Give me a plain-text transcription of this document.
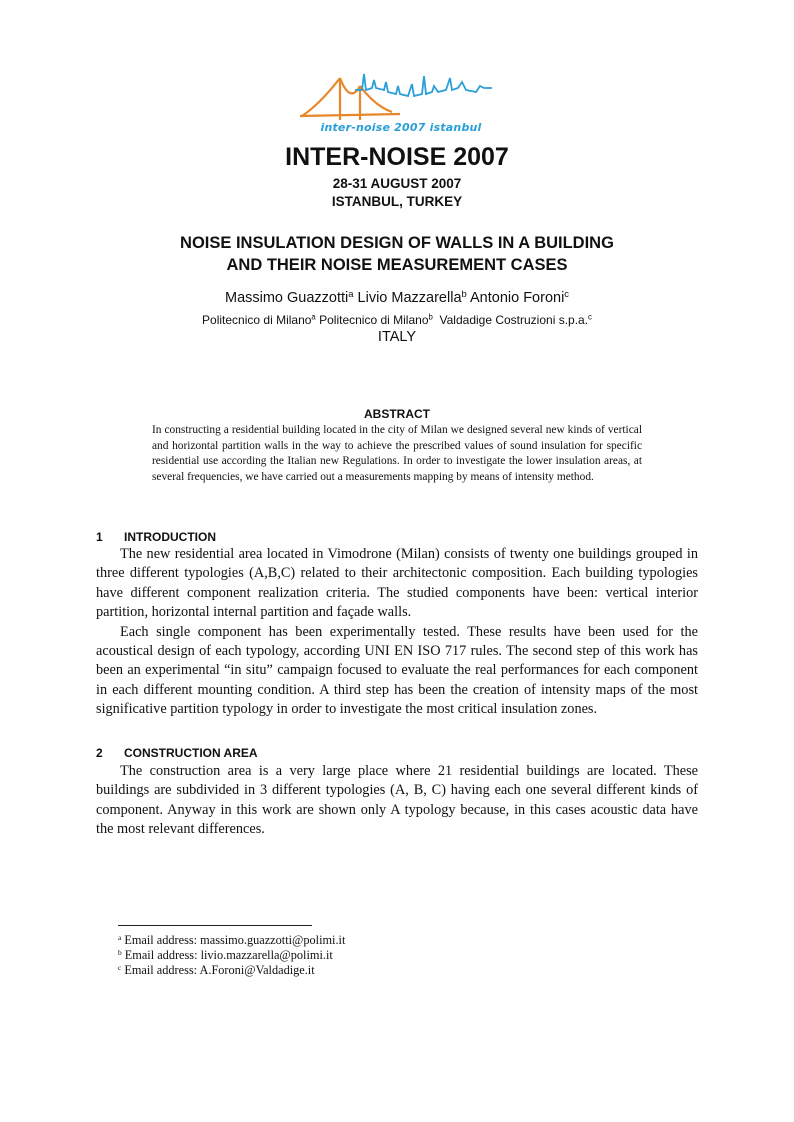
inter-noise 2007 istanbul
INTER-NOISE 2007
28-31 AUGUST 2007
ISTANBUL, TURKEY
NOISE INSULATION DESIGN OF WALLS IN A BUILDING
AND THEIR NOISE MEASUREMENT CASES
Massimo Guazzotti$^a$ Livio Mazzarella$^b$ Antonio Foroni$^c$
Politecnico di Milano$^a$ Politecnico di Milano$^b$ Valdadige Costruzioni s.p.a.$^c$
ITALY
ABSTRACT
In constructing a residential building located in the city of Milan we designed several new kinds of vertical and horizontal partition walls in the way to achieve the prescribed values of sound insulation for specific residential use according the Italian new Regulations. In order to investigate the lower insulation areas, at several frequencies, we have carried out a measurements mapping by means of intensity method.
1 INTRODUCTION

The new residential area located in Vimodrone (Milan) consists of twenty one buildings grouped in three different typologies (A,B,C) related to their architectonic composition. Each building typologies have different component realization criteria. The studied components have been: vertical interior partition, horizontal internal partition and façade walls.

Each single component has been experimentally tested. These results have been used for the acoustical design of each typology, according UNI EN ISO 717 rules. The second step of this work has been an experimental “in situ” campaign focused to evaluate the real performances for each component in each different mounting condition. A third step has been the creation of intensity maps of the most significative partition typology in order to investigate the most critical insulation zones.

2 CONSTRUCTION AREA

The construction area is a very large place where 21 residential buildings are located. These buildings are subdivided in 3 different typologies (A, B, C) having each one several different kinds of component. Anyway in this work are shown only A typology because, in this cases acoustic data have the most relevant differences.

$^a$ Email address: massimo.guazzotti@polimi.it
$^b$ Email address: livio.mazzarella@polimi.it
$^c$ Email address: A.Foroni@Valdadige.it
